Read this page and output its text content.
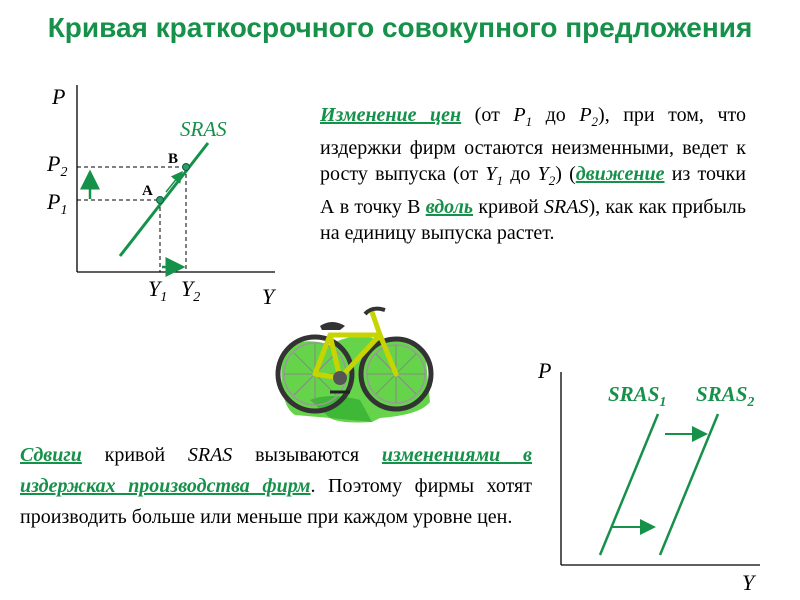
Кривая краткосрочного совокупного предложения
P
Y
SRAS
B
A
$P_2$
$P_1$
$Y_1$ $Y_2$
P
Y
$SRAS_1$ $SRAS_2$
Изменение цен (от $P_1$ до $P_2$), при том, что издержки фирм остаются неизменными, ведет к росту выпуска (от $Y_1$ до $Y_2$) (движение из точки А в точку В вдоль кривой SRAS), как как прибыль на единицу выпуска растет.
Сдвиги кривой SRAS вызываются изменениями в издержках производства фирм. Поэтому фирмы хотят производить больше или меньше при каждом уровне цен.
